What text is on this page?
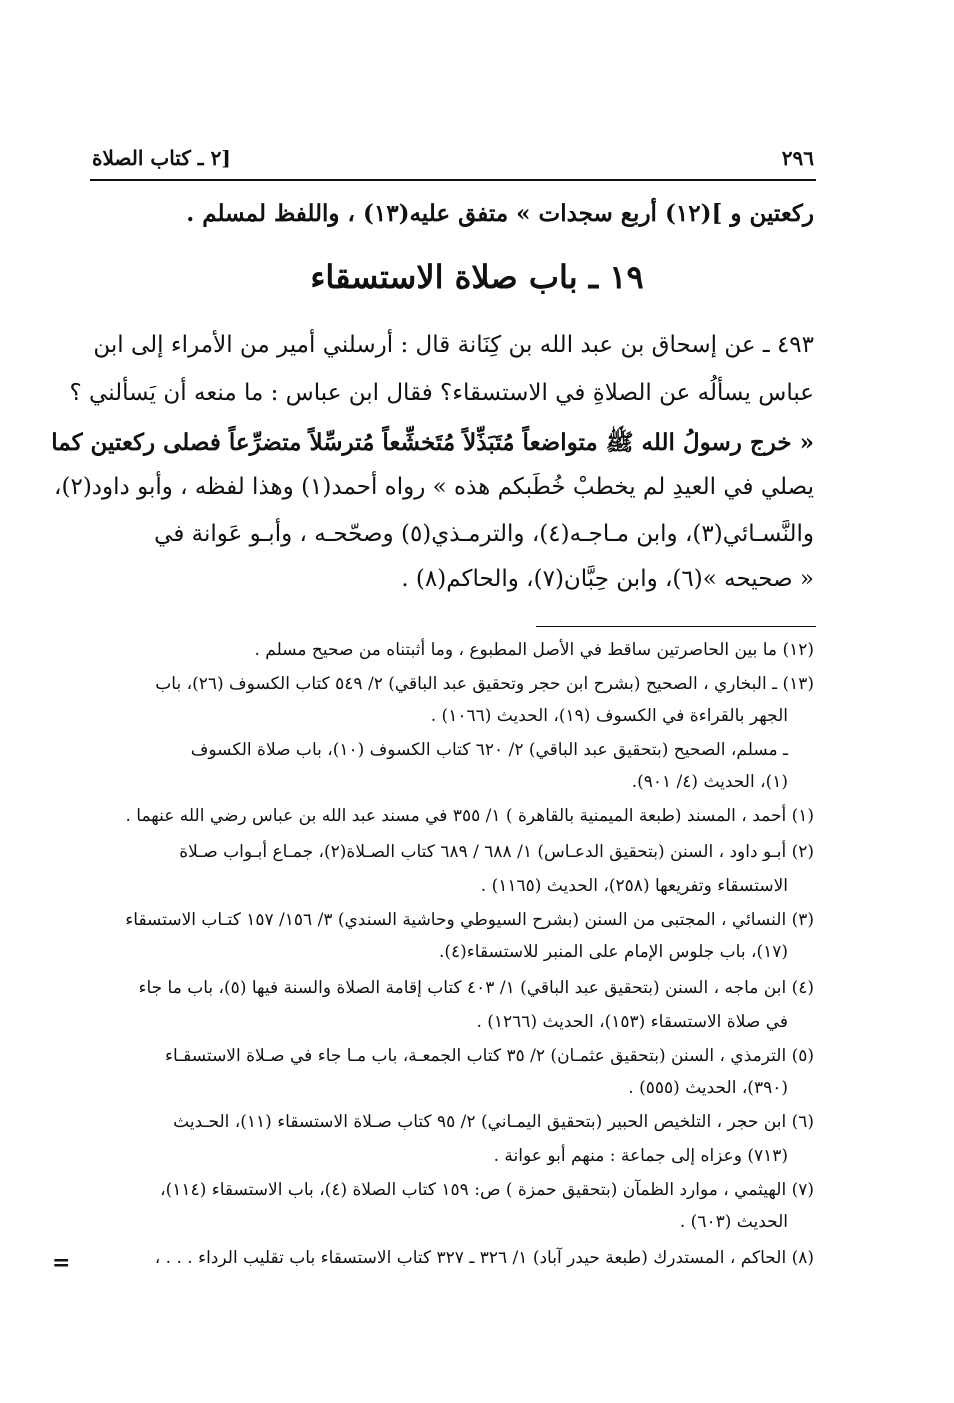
٢٩٦
[٢ ـ كتاب الصلاة
ركعتين و ](١٢) أربع سجدات » متفق عليه(١٣) ، واللفظ لمسلم .
١٩ ـ باب صلاة الاستسقاء
٤٩٣ ـ عن إسحاق بن عبد الله بن كِنَانة قال : أرسلني أمير من الأمراء إلى ابن
عباس يسألُه عن الصلاةِ في الاستسقاء؟ فقال ابن عباس : ما منعه أن يَسألني ؟
« خرج رسولُ الله ﷺ متواضعاً مُتَبَذِّلاً مُتَخشِّعاً مُترسِّلاً متضرِّعاً فصلى ركعتين كما
يصلي في العيدِ لم يخطبْ خُطَبكم هذه » رواه أحمد(١) وهذا لفظه ، وأبو داود(٢)،
والنَّسـائي(٣)، وابن مـاجـه(٤)، والترمـذي(٥) وصحّحـه ، وأبـو عَوانة في
« صحيحه »(٦)، وابن حِبَّان(٧)، والحاكم(٨) .
(١٢) ما بين الحاصرتين ساقط في الأصل المطبوع ، وما أثبتناه من صحيح مسلم .
(١٣) ـ البخاري ، الصحيح (بشرح ابن حجر وتحقيق عبد الباقي) ٢/ ٥٤٩ كتاب الكسوف (٢٦)، باب
الجهر بالقراءة في الكسوف (١٩)، الحديث (١٠٦٦) .
ـ مسلم، الصحيح (بتحقيق عبد الباقي) ٢/ ٦٢٠ كتاب الكسوف (١٠)، باب صلاة الكسوف
(١)، الحديث (٤/ ٩٠١).
(١) أحمد ، المسند (طبعة الميمنية بالقاهرة ) ١/ ٣٥٥ في مسند عبد الله بن عباس رضي الله عنهما .
(٢) أبـو داود ، السنن (بتحقيق الدعـاس) ١/ ٦٨٨ / ٦٨٩ كتاب الصـلاة(٢)، جمـاع أبـواب صـلاة
الاستسقاء وتفريعها (٢٥٨)، الحديث (١١٦٥) .
(٣) النسائي ، المجتبى من السنن (بشرح السيوطي وحاشية السندي) ٣/ ١٥٦/ ١٥٧ كتـاب الاستسقاء
(١٧)، باب جلوس الإمام على المنبر للاستسقاء(٤).
(٤) ابن ماجه ، السنن (بتحقيق عبد الباقي) ١/ ٤٠٣ كتاب إقامة الصلاة والسنة فيها (٥)، باب ما جاء
في صلاة الاستسقاء (١٥٣)، الحديث (١٢٦٦) .
(٥) الترمذي ، السنن (بتحقيق عثمـان) ٢/ ٣٥ كتاب الجمعـة، باب مـا جاء في صـلاة الاستسقـاء
(٣٩٠)، الحديث (٥٥٥) .
(٦) ابن حجر ، التلخيص الحبير (بتحقيق اليمـاني) ٢/ ٩٥ كتاب صـلاة الاستسقاء (١١)، الحـديث
(٧١٣) وعزاه إلى جماعة : منهم أبو عوانة .
(٧) الهيثمي ، موارد الظمآن (بتحقيق حمزة ) ص: ١٥٩ كتاب الصلاة (٤)، باب الاستسقاء (١١٤)،
الحديث (٦٠٣) .
(٨) الحاكم ، المستدرك (طبعة حيدر آباد) ١/ ٣٢٦ ـ ٣٢٧ كتاب الاستسقاء باب تقليب الرداء . . . ،
=
